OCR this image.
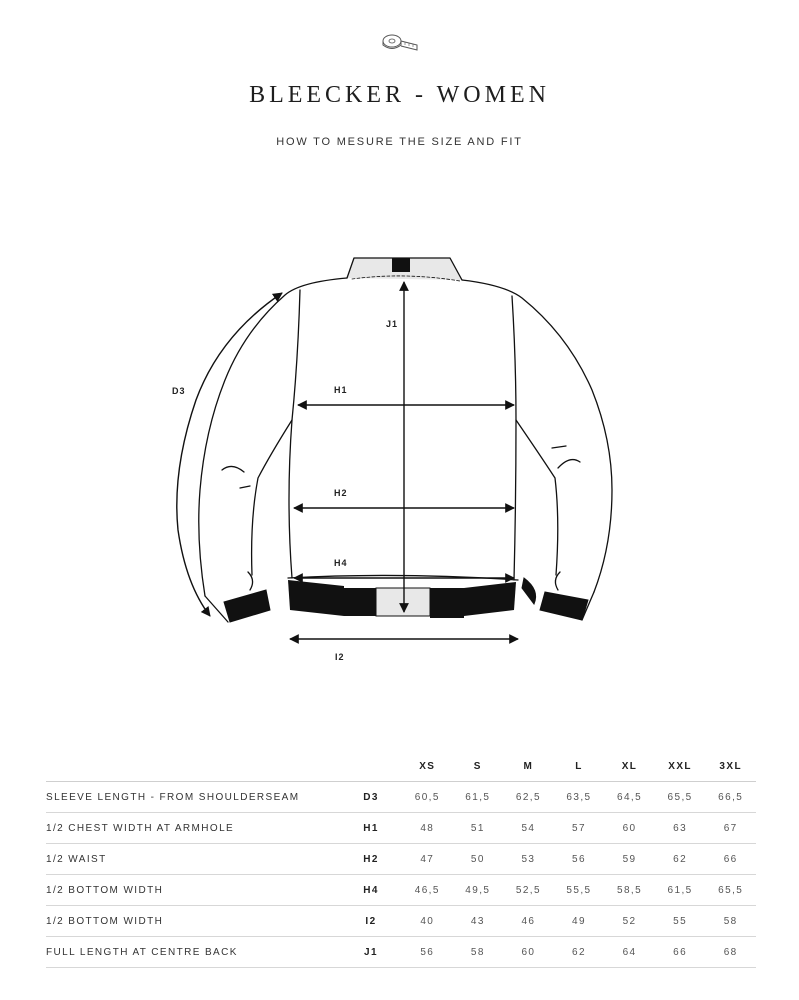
BLEECKER - WOMEN
HOW TO MESURE THE SIZE AND FIT
J1
H1
D3
H2
H4
I2
		XS	S	M	L	XL	XXL	3XL
SLEEVE LENGTH - FROM SHOULDERSEAM	D3	60,5	61,5	62,5	63,5	64,5	65,5	66,5
1/2 CHEST WIDTH AT ARMHOLE	H1	48	51	54	57	60	63	67
1/2 WAIST	H2	47	50	53	56	59	62	66
1/2 BOTTOM WIDTH	H4	46,5	49,5	52,5	55,5	58,5	61,5	65,5
1/2 BOTTOM WIDTH	I2	40	43	46	49	52	55	58
FULL LENGTH AT CENTRE BACK	J1	56	58	60	62	64	66	68
